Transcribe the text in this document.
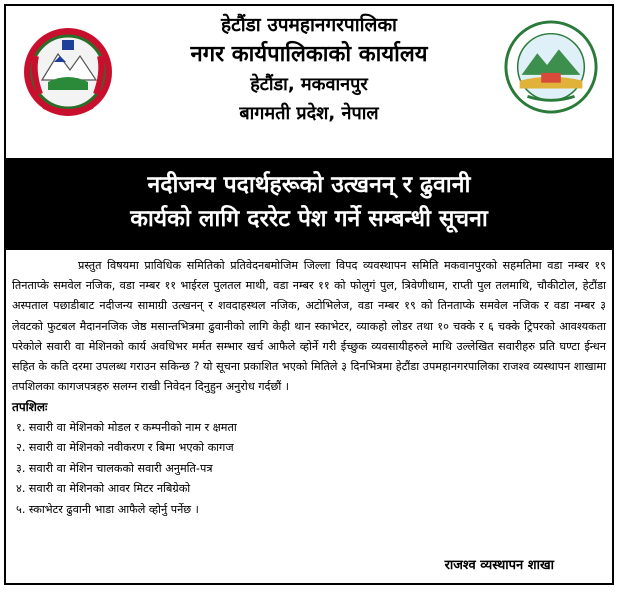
हेटौंडा उपमहानगरपालिका
नगर कार्यपालिकाको कार्यालय
हेटौंडा, मकवानपुर
बागमती प्रदेश, नेपाल
नदीजन्य पदार्थहरूको उत्खनन् र ढुवानी
कार्यको लागि दररेट पेश गर्ने सम्बन्धी सूचना
प्रस्तुत विषयमा प्राविधिक समितिको प्रतिवेदनबमोजिम जिल्ला विपद व्यवस्थापन समिति मकवानपुरको सहमतिमा वडा नम्बर १९ तिनताप्के समवेल नजिक, वडा नम्बर ११ भाईरल पुलतल माथी, वडा नम्बर ११ को फोलुगं पुल, त्रिवेणीधाम, राप्ती पुल तलमाथि, चौकीटोल, हेटौंडा अस्पताल पछाडीबाट नदीजन्य सामाग्री उत्खनन् र शवदाहस्थल नजिक, अटोभिलेज, वडा नम्बर १९ को तिनताप्के समवेल नजिक र वडा नम्बर ३ लेवटको फुटबल मैदाननजिक जेष्ठ मसान्तभित्रमा ढुवानीको लागि केही थान स्काभेटर, व्याकहो लोडर तथा १० चक्के र ६ चक्के ट्रिपरको आवश्यकता परेकोले सवारी वा मेशिनको कार्य अवधिभर मर्मत सम्भार खर्च आफैले व्होर्ने गरी ईच्छुक व्यवसायीहरुले माथि उल्लेखित सवारीहरु प्रति घण्टा ईन्धन सहित के कति दरमा उपलब्ध गराउन सकिन्छ ? यो सूचना प्रकाशित भएको मितिले ३ दिनभित्रमा हेटौंडा उपमहानगरपालिका राजश्व व्यस्थापन शाखामा तपशिलका कागजपत्रहरु सलग्न राखी निवेदन दिनुहुन अनुरोध गर्दछौं ।
तपशिलः
१. सवारी वा मेशिनको मोडल र कम्पनीको नाम र क्षमता
२. सवारी वा मेशिनको नवीकरण र बिमा भएको कागज
३. सवारी वा मेशिन चालकको सवारी अनुमति-पत्र
४. सवारी वा मेशिनको आवर मिटर नबिग्रेको
५. स्काभेटर ढुवानी भाडा आफैले व्होर्नु पर्नेछ ।
राजश्व व्यस्थापन शाखा
